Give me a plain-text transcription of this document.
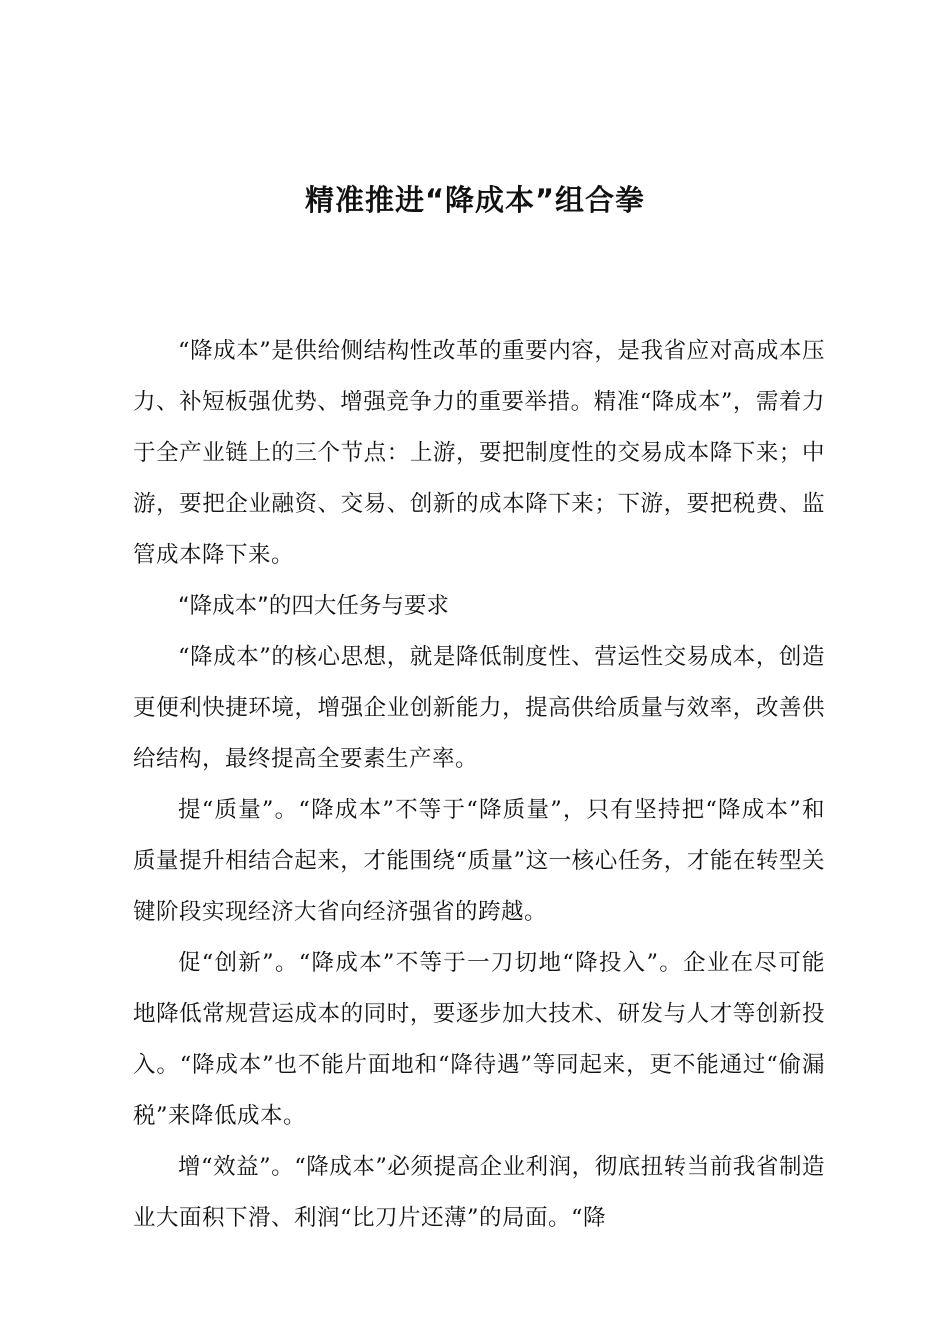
精准推进“降成本”组合拳

“降成本”是供给侧结构性改革的重要内容，是我省应对高成本压力、补短板强优势、增强竞争力的重要举措。精准“降成本”，需着力于全产业链上的三个节点：上游，要把制度性的交易成本降下来；中游，要把企业融资、交易、创新的成本降下来；下游，要把税费、监管成本降下来。

“降成本”的四大任务与要求

“降成本”的核心思想，就是降低制度性、营运性交易成本，创造更便利快捷环境，增强企业创新能力，提高供给质量与效率，改善供给结构，最终提高全要素生产率。

提“质量”。“降成本”不等于“降质量”，只有坚持把“降成本”和质量提升相结合起来，才能围绕“质量”这一核心任务，才能在转型关键阶段实现经济大省向经济强省的跨越。

促“创新”。“降成本”不等于一刀切地“降投入”。企业在尽可能地降低常规营运成本的同时，要逐步加大技术、研发与人才等创新投入。“降成本”也不能片面地和“降待遇”等同起来，更不能通过“偷漏税”来降低成本。

增“效益”。“降成本”必须提高企业利润，彻底扭转当前我省制造业大面积下滑、利润“比刀片还薄”的局面。“降
